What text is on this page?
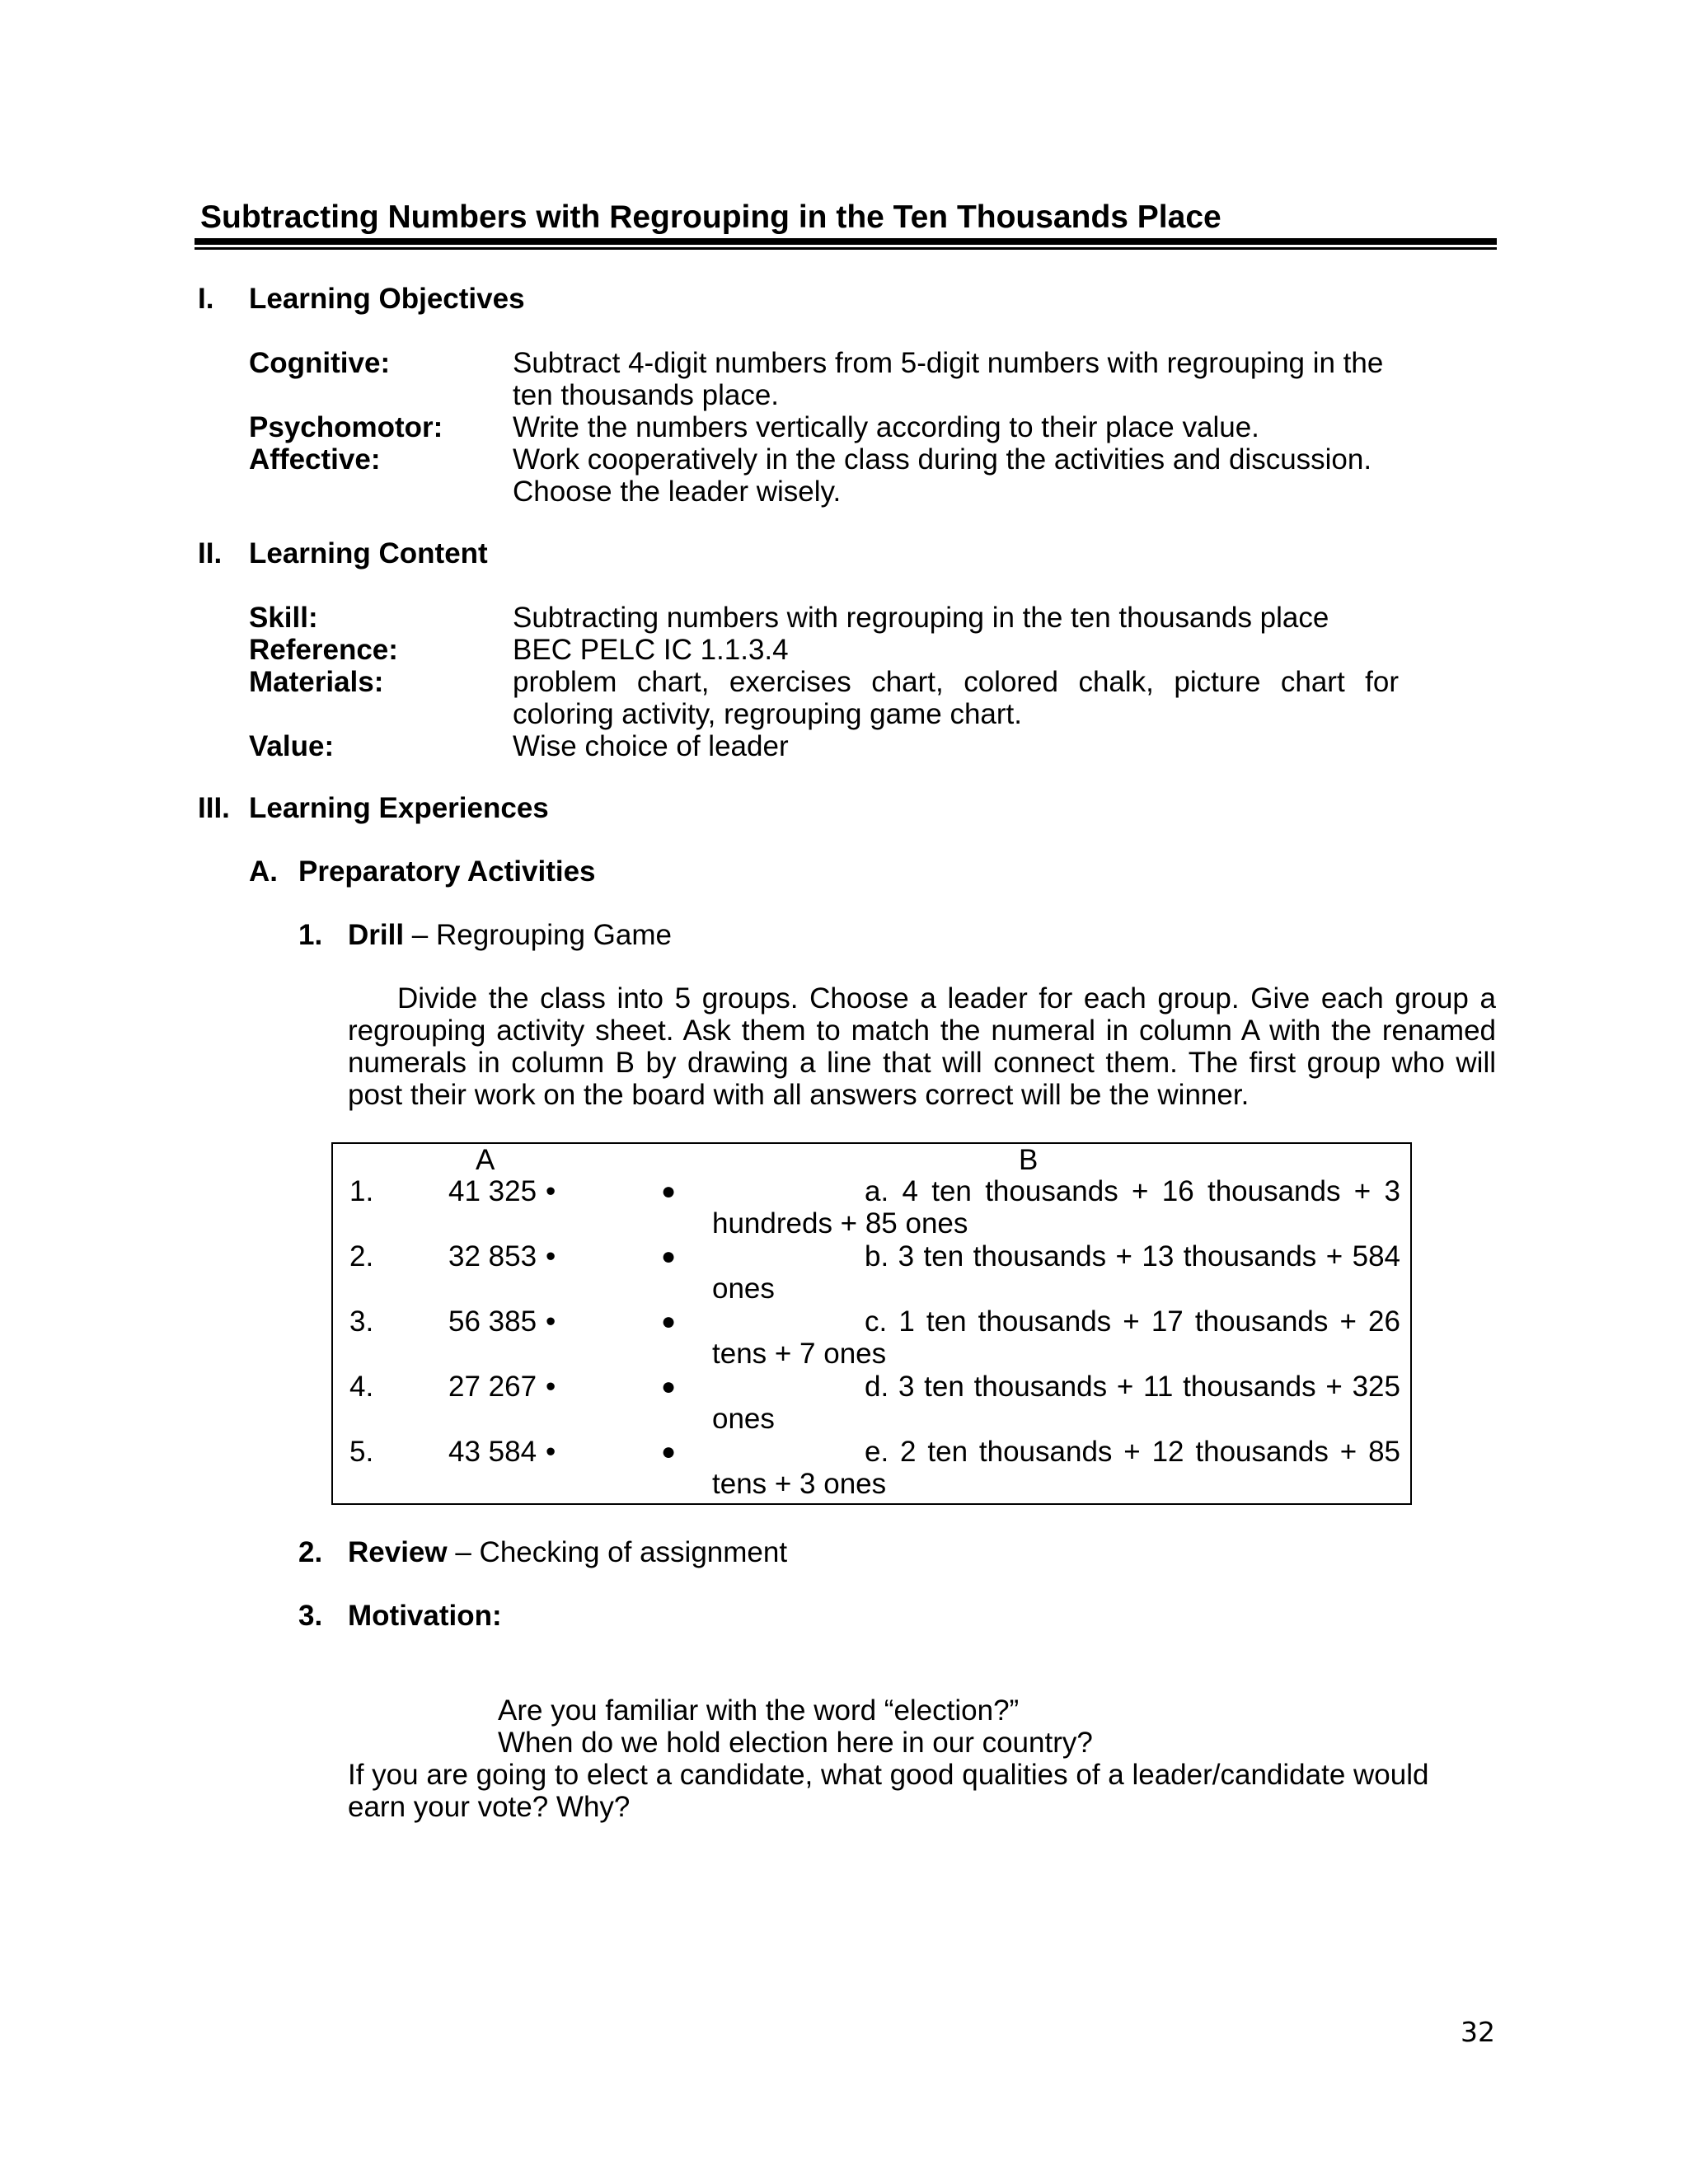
Subtracting Numbers with Regrouping in the Ten Thousands Place
I.	Learning Objectives
Cognitive:	Subtract 4-digit numbers from 5-digit numbers with regrouping in the ten thousands place.
Psychomotor: Write the numbers vertically according to their place value.
Affective:	Work cooperatively in the class during the activities and discussion.
Choose the leader wisely.
II. Learning Content
Skill:	Subtracting numbers with regrouping in the ten thousands place
Reference:	BEC PELC IC 1.1.3.4
Materials:	problem chart, exercises chart, colored chalk, picture chart for coloring activity, regrouping game chart.
Value:	Wise choice of leader
III. Learning Experiences
A. Preparatory Activities
1. Drill – Regrouping Game

Divide the class into 5 groups. Choose a leader for each group. Give each group a regrouping activity sheet. Ask them to match the numeral in column A with the renamed numerals in column B by drawing a line that will connect them. The first group who will post their work on the board with all answers correct will be the winner.

A	B
1.	41 325 •	●	a. 4 ten thousands + 16 thousands + 3
hundreds + 85 ones
2.	32 853 •	●	b. 3 ten thousands + 13 thousands + 584
ones
3.	56 385 •	●	c. 1 ten thousands + 17 thousands + 26
tens + 7 ones
4.	27 267 •	●	d. 3 ten thousands + 11 thousands + 325
ones
5.	43 584 •	●	e. 2 ten thousands + 12 thousands + 85
tens + 3 ones
2. Review – Checking of assignment
3. Motivation:
Are you familiar with the word “election?”
When do we hold election here in our country?
If you are going to elect a candidate, what good qualities of a leader/candidate would earn your vote? Why?
32
